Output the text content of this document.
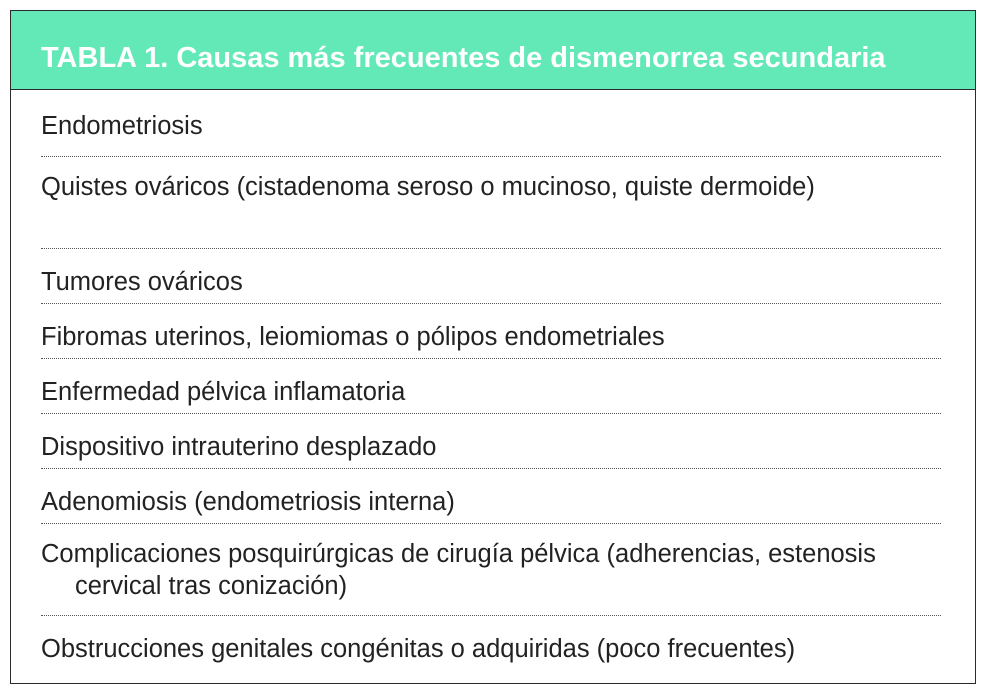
TABLA 1. Causas más frecuentes de dismenorrea secundaria
Endometriosis
Quistes ováricos (cistadenoma seroso o mucinoso, quiste dermoide)
Tumores ováricos
Fibromas uterinos, leiomiomas o pólipos endometriales
Enfermedad pélvica inflamatoria
Dispositivo intrauterino desplazado
Adenomiosis (endometriosis interna)
Complicaciones posquirúrgicas de cirugía pélvica (adherencias, estenosis cervical tras conización)
Obstrucciones genitales congénitas o adquiridas (poco frecuentes)
